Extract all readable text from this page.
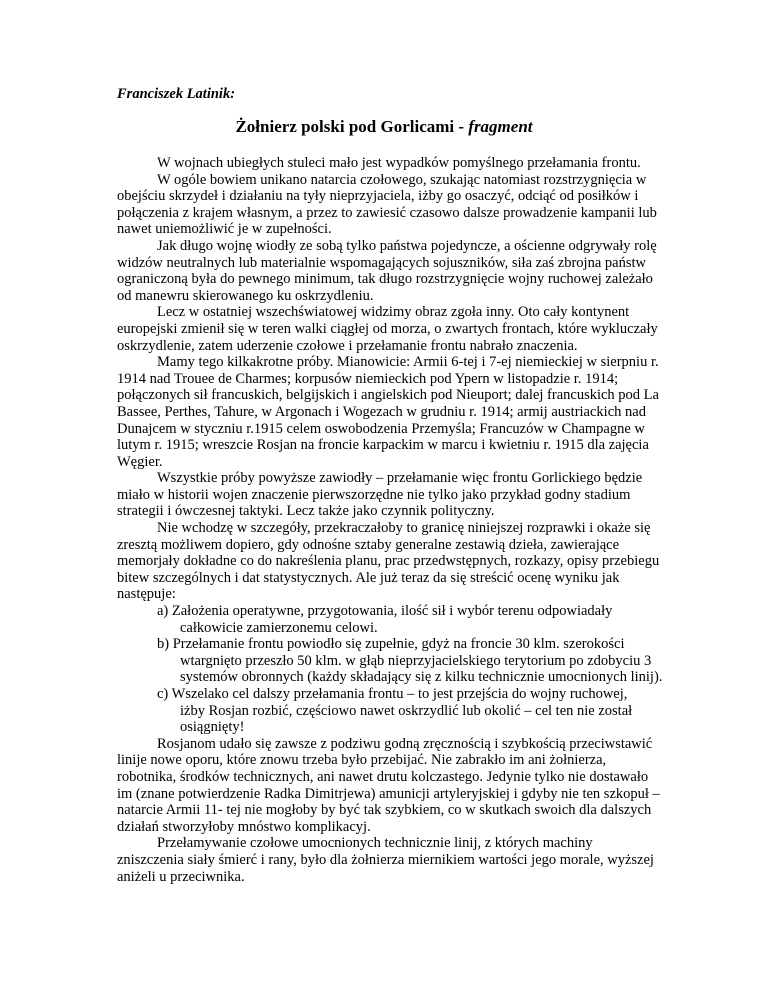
Franciszek Latinik:
Żołnierz polski pod Gorlicami - fragment
W wojnach ubiegłych stuleci mało jest wypadków pomyślnego przełamania frontu.
W ogóle bowiem unikano natarcia czołowego, szukając natomiast rozstrzygnięcia w
obejściu skrzydeł i działaniu na tyły nieprzyjaciela, iżby go osaczyć, odciąć od posiłków i
połączenia z krajem własnym, a przez to zawiesić czasowo dalsze prowadzenie kampanii lub
nawet uniemożliwić je w zupełności.
Jak długo wojnę wiodły ze sobą tylko państwa pojedyncze, a ościenne odgrywały rolę
widzów neutralnych lub materialnie wspomagających sojuszników, siła zaś zbrojna państw
ograniczoną była do pewnego minimum, tak długo rozstrzygnięcie wojny ruchowej zależało
od manewru skierowanego ku oskrzydleniu.
Lecz w ostatniej wszechświatowej widzimy obraz zgoła inny. Oto cały kontynent
europejski zmienił się w teren walki ciągłej od morza, o zwartych frontach, które wykluczały
oskrzydlenie, zatem uderzenie czołowe i przełamanie frontu nabrało znaczenia.
Mamy tego kilkakrotne próby. Mianowicie: Armii 6-tej i 7-ej niemieckiej w sierpniu r.
1914 nad Trouee de Charmes; korpusów niemieckich pod Ypern w listopadzie r. 1914;
połączonych sił francuskich, belgijskich i angielskich pod Nieuport; dalej francuskich pod La
Bassee, Perthes, Tahure, w Argonach i Wogezach w grudniu r. 1914; armij austriackich nad
Dunajcem w styczniu r.1915 celem oswobodzenia Przemyśla; Francuzów w Champagne w
lutym r. 1915; wreszcie Rosjan na froncie karpackim w marcu i kwietniu r. 1915 dla zajęcia
Węgier.
Wszystkie próby powyższe zawiodły – przełamanie więc frontu Gorlickiego będzie
miało w historii wojen znaczenie pierwszorzędne nie tylko jako przykład godny stadium
strategii i ówczesnej taktyki. Lecz także jako czynnik polityczny.
Nie wchodzę w szczegóły, przekraczałoby to granicę niniejszej rozprawki i okaże się
zresztą możliwem dopiero, gdy odnośne sztaby generalne zestawią dzieła, zawierające
memorjały dokładne co do nakreślenia planu, prac przedwstępnych, rozkazy, opisy przebiegu
bitew szczególnych i dat statystycznych. Ale już teraz da się streścić ocenę wyniku jak
następuje:
a) Założenia operatywne, przygotowania, ilość sił i wybór terenu odpowiadały
całkowicie zamierzonemu celowi.
b) Przełamanie frontu powiodło się zupełnie, gdyż na froncie 30 klm. szerokości
wtargnięto przeszło 50 klm. w głąb nieprzyjacielskiego terytorium po zdobyciu 3
systemów obronnych (każdy składający się z kilku technicznie umocnionych linij).
c) Wszelako cel dalszy przełamania frontu – to jest przejścia do wojny ruchowej,
iżby Rosjan rozbić, częściowo nawet oskrzydlić lub okolić – cel ten nie został
osiągnięty!
Rosjanom udało się zawsze z podziwu godną zręcznością i szybkością przeciwstawić
linije nowe oporu, które znowu trzeba było przebijać. Nie zabrakło im ani żołnierza,
robotnika, środków technicznych, ani nawet drutu kolczastego. Jedynie tylko nie dostawało
im (znane potwierdzenie Radka Dimitrjewa) amunicji artyleryjskiej i gdyby nie ten szkopuł –
natarcie Armii 11- tej nie mogłoby by być tak szybkiem, co w skutkach swoich dla dalszych
działań stworzyłoby mnóstwo komplikacyj.
Przełamywanie czołowe umocnionych technicznie linij, z których machiny
zniszczenia siały śmierć i rany, było dla żołnierza miernikiem wartości jego morale, wyższej
aniżeli u przeciwnika.
